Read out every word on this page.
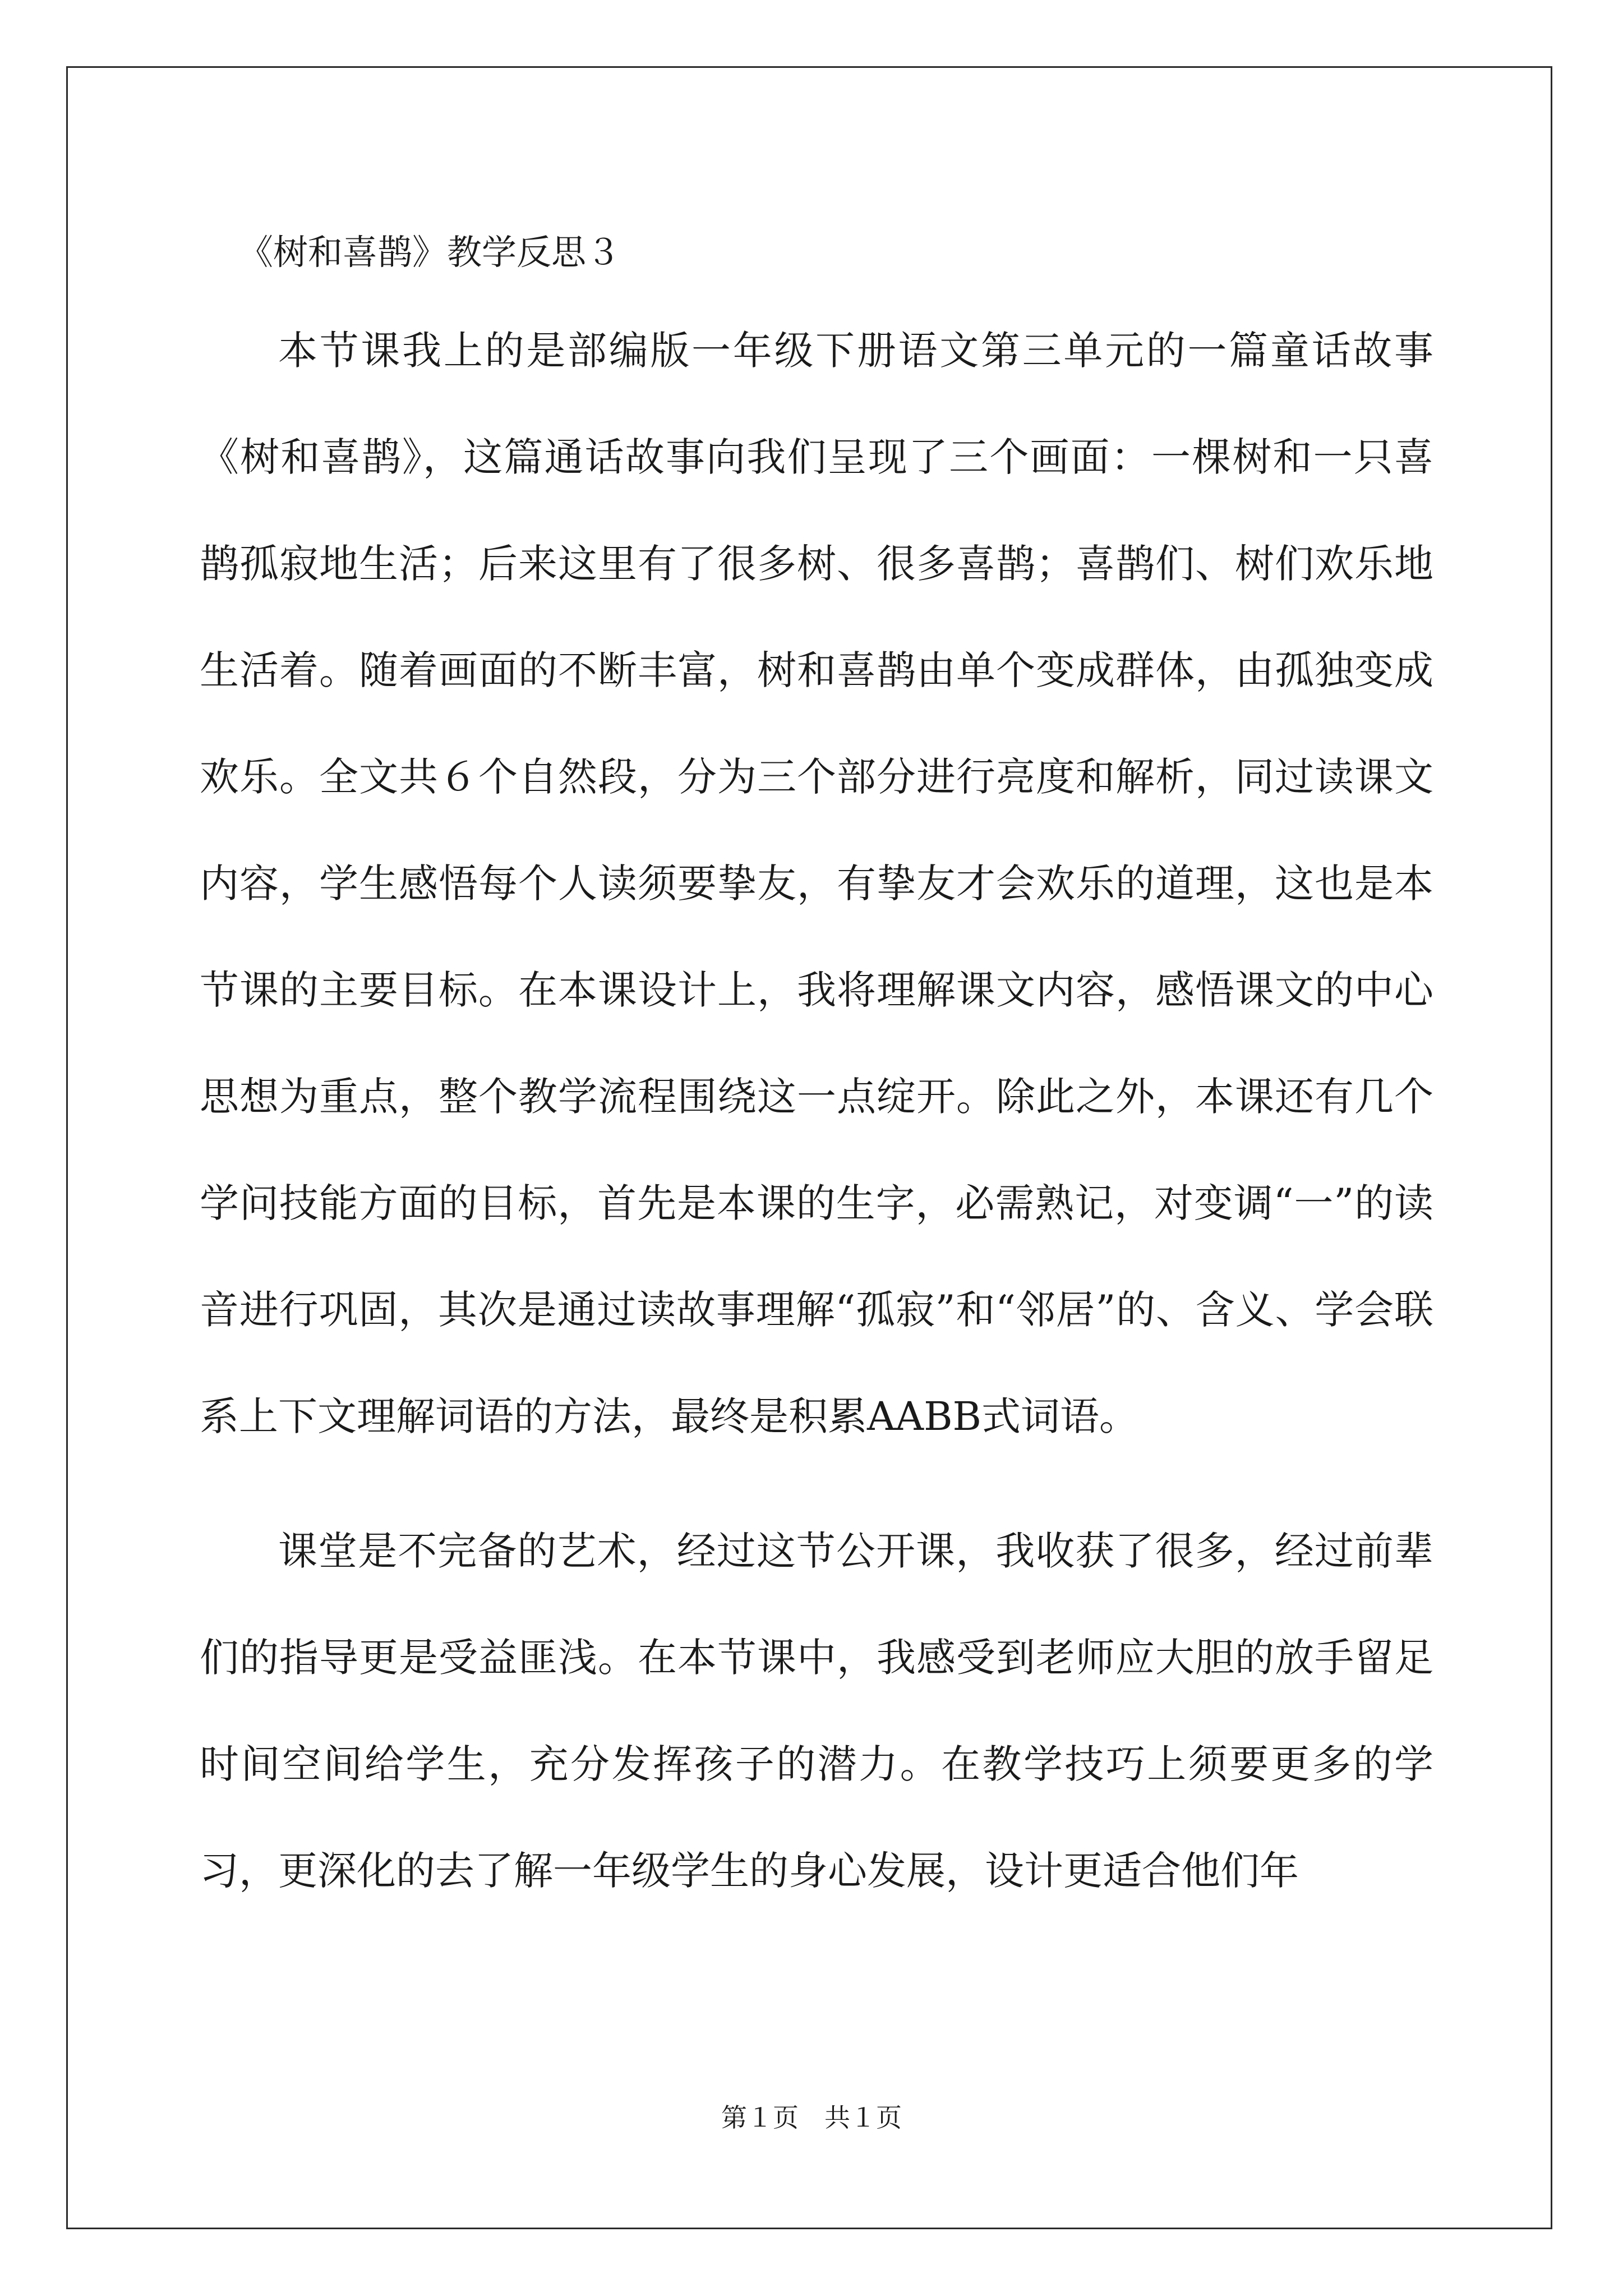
《树和喜鹊》教学反思３

本节课我上的是部编版一年级下册语文第三单元的一篇童话故事《树和喜鹊》，这篇通话故事向我们呈现了三个画面：一棵树和一只喜鹊孤寂地生活；后来这里有了很多树、很多喜鹊；喜鹊们、树们欢乐地生活着。随着画面的不断丰富，树和喜鹊由单个变成群体，由孤独变成欢乐。全文共６个自然段，分为三个部分进行亮度和解析，同过读课文内容，学生感悟每个人读须要挚友，有挚友才会欢乐的道理，这也是本节课的主要目标。在本课设计上，我将理解课文内容，感悟课文的中心思想为重点，整个教学流程围绕这一点绽开。除此之外，本课还有几个学问技能方面的目标，首先是本课的生字，必需熟记，对变调“一”的读音进行巩固，其次是通过读故事理解“孤寂”和“邻居”的、含义、学会联系上下文理解词语的方法，最终是积累AABB式词语。

课堂是不完备的艺术，经过这节公开课，我收获了很多，经过前辈们的指导更是受益匪浅。在本节课中，我感受到老师应大胆的放手留足时间空间给学生，充分发挥孩子的潜力。在教学技巧上须要更多的学习，更深化的去了解一年级学生的身心发展，设计更适合他们年

第１页　共１页
